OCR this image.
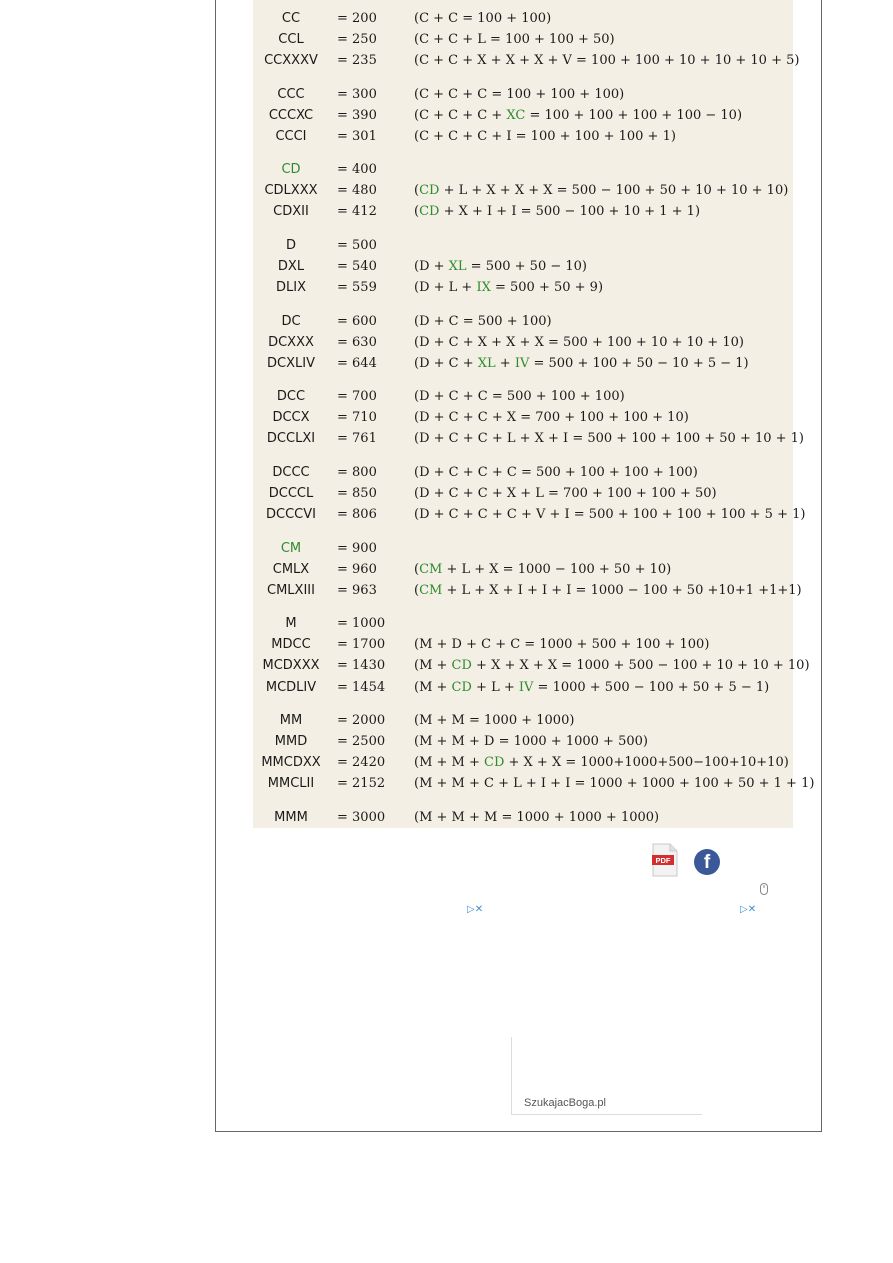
CC	= 200	(C + C = 100 + 100)
CCL	= 250	(C + C + L = 100 + 100 + 50)
CCXXXV	= 235	(C + C + X + X + X + V = 100 + 100 + 10 + 10 + 10 + 5)
CCC	= 300	(C + C + C = 100 + 100 + 100)
CCCXC	= 390	(C + C + C + XC = 100 + 100 + 100 + 100 − 10)
CCCI	= 301	(C + C + C + I = 100 + 100 + 100 + 1)
CD	= 400
CDLXXX	= 480	(CD + L + X + X + X = 500 − 100 + 50 + 10 + 10 + 10)
CDXII	= 412	(CD + X + I + I = 500 − 100 + 10 + 1 + 1)
D	= 500
DXL	= 540	(D + XL = 500 + 50 − 10)
DLIX	= 559	(D + L + IX = 500 + 50 + 9)
DC	= 600	(D + C = 500 + 100)
DCXXX	= 630	(D + C + X + X + X = 500 + 100 + 10 + 10 + 10)
DCXLIV	= 644	(D + C + XL + IV = 500 + 100 + 50 − 10 + 5 − 1)
DCC	= 700	(D + C + C = 500 + 100 + 100)
DCCX	= 710	(D + C + C + X = 700 + 100 + 100 + 10)
DCCLXI	= 761	(D + C + C + L + X + I = 500 + 100 + 100 + 50 + 10 + 1)
DCCC	= 800	(D + C + C + C = 500 + 100 + 100 + 100)
DCCCL	= 850	(D + C + C + X + L = 700 + 100 + 100 + 50)
DCCCVI	= 806	(D + C + C + C + V + I = 500 + 100 + 100 + 100 + 5 + 1)
CM	= 900
CMLX	= 960	(CM + L + X = 1000 − 100 + 50 + 10)
CMLXIII	= 963	(CM + L + X + I + I + I = 1000 − 100 + 50 +10+1 +1+1)
M	= 1000
MDCC	= 1700 (M + D + C + C = 1000 + 500 + 100 + 100)
MCDXXX	= 1430 (M + CD + X + X + X = 1000 + 500 − 100 + 10 + 10 + 10)
MCDLIV	= 1454 (M + CD + L + IV = 1000 + 500 − 100 + 50 + 5 − 1)
MM	= 2000 (M + M = 1000 + 1000)
MMD	= 2500 (M + M + D = 1000 + 1000 + 500)
MMCDXX	= 2420 (M + M + CD + X + X = 1000+1000+500−100+10+10)
MMCLII	= 2152 (M + M + C + L + I + I = 1000 + 1000 + 100 + 50 + 1 + 1)
MMM	= 3000 (M + M + M = 1000 + 1000 + 1000)
PDF	f
▷✕	▷✕
SzukajacBoga.pl
